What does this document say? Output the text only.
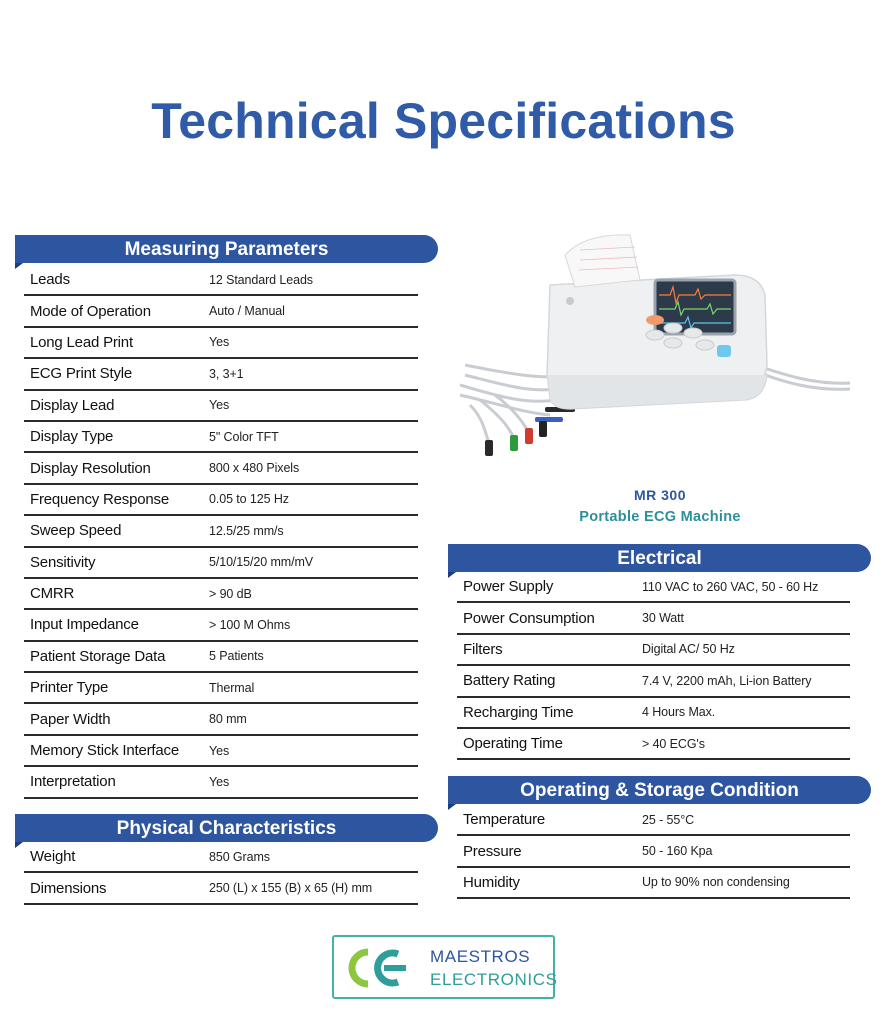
Technical Specifications
Measuring Parameters
Leads	12 Standard Leads
Mode of Operation	Auto / Manual
Long Lead Print	Yes
ECG Print Style	3, 3+1
Display Lead	Yes
Display Type	5" Color TFT
Display Resolution	800 x 480 Pixels
Frequency Response	0.05 to 125 Hz
Sweep Speed	12.5/25 mm/s
Sensitivity	5/10/15/20 mm/mV
CMRR	> 90 dB
Input Impedance	> 100 M Ohms
Patient Storage Data	5 Patients
Printer Type	Thermal
Paper Width	80 mm
Memory Stick Interface Yes
Interpretation	Yes
Physical Characteristics
Weight	850 Grams
Dimensions	250 (L) x 155 (B) x 65 (H) mm
MR 300
Portable ECG Machine
Electrical
Power Supply	110 VAC to 260 VAC, 50 - 60 Hz
Power Consumption	30 Watt
Filters	Digital AC/ 50 Hz
Battery Rating	7.4 V, 2200 mAh, Li-ion Battery
Recharging Time	4 Hours Max.
Operating Time	> 40 ECG's
Operating & Storage Condition
Temperature	25 - 55°C
Pressure	50 - 160 Kpa
Humidity	Up to 90% non condensing
MAESTROS
ELECTRONICS
